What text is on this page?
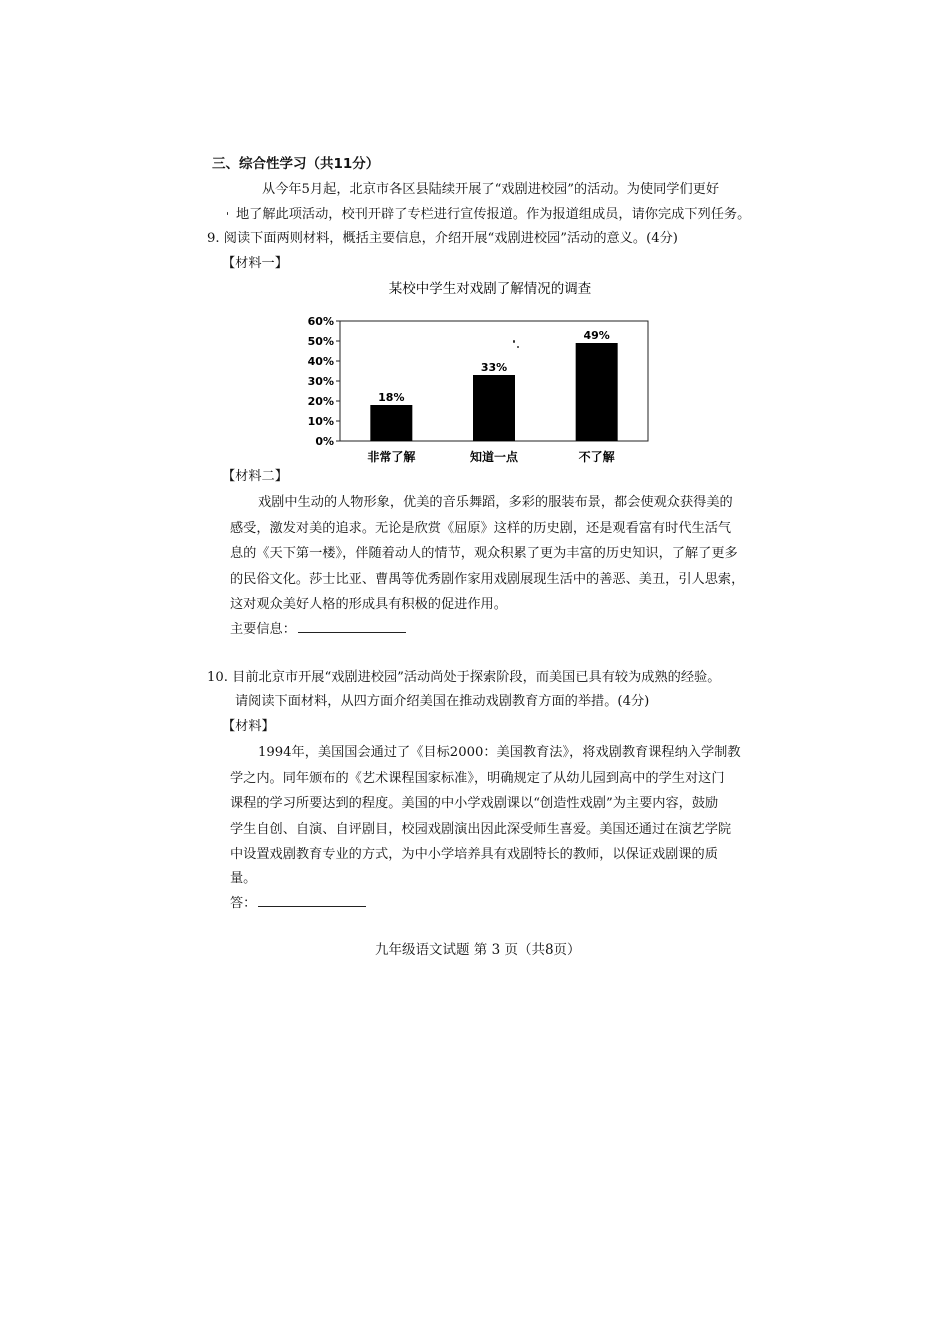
三、综合性学习（共11分）
从今年5月起，北京市各区县陆续开展了“戏剧进校园”的活动。为使同学们更好
地了解此项活动，校刊开辟了专栏进行宣传报道。作为报道组成员，请你完成下列任务。
9. 阅读下面两则材料，概括主要信息，介绍开展“戏剧进校园”活动的意义。(4分)
【材料一】
某校中学生对戏剧了解情况的调查
0%
10%
20%
30%
40%
50%
60%
18%
非常了解
33%
知道一点
49%
不了解
【材料二】
戏剧中生动的人物形象，优美的音乐舞蹈，多彩的服装布景，都会使观众获得美的
感受，激发对美的追求。无论是欣赏《屈原》这样的历史剧，还是观看富有时代生活气
息的《天下第一楼》，伴随着动人的情节，观众积累了更为丰富的历史知识，了解了更多
的民俗文化。莎士比亚、曹禺等优秀剧作家用戏剧展现生活中的善恶、美丑，引人思索，
这对观众美好人格的形成具有积极的促进作用。
主要信息：
10. 目前北京市开展“戏剧进校园”活动尚处于探索阶段，而美国已具有较为成熟的经验。
请阅读下面材料，从四方面介绍美国在推动戏剧教育方面的举措。(4分)
【材料】
1994年，美国国会通过了《目标2000：美国教育法》，将戏剧教育课程纳入学制教
学之内。同年颁布的《艺术课程国家标准》，明确规定了从幼儿园到高中的学生对这门
课程的学习所要达到的程度。美国的中小学戏剧课以“创造性戏剧”为主要内容，鼓励
学生自创、自演、自评剧目，校园戏剧演出因此深受师生喜爱。美国还通过在演艺学院
中设置戏剧教育专业的方式，为中小学培养具有戏剧特长的教师，以保证戏剧课的质
量。
答：
九年级语文试题 第 3 页（共8页）
